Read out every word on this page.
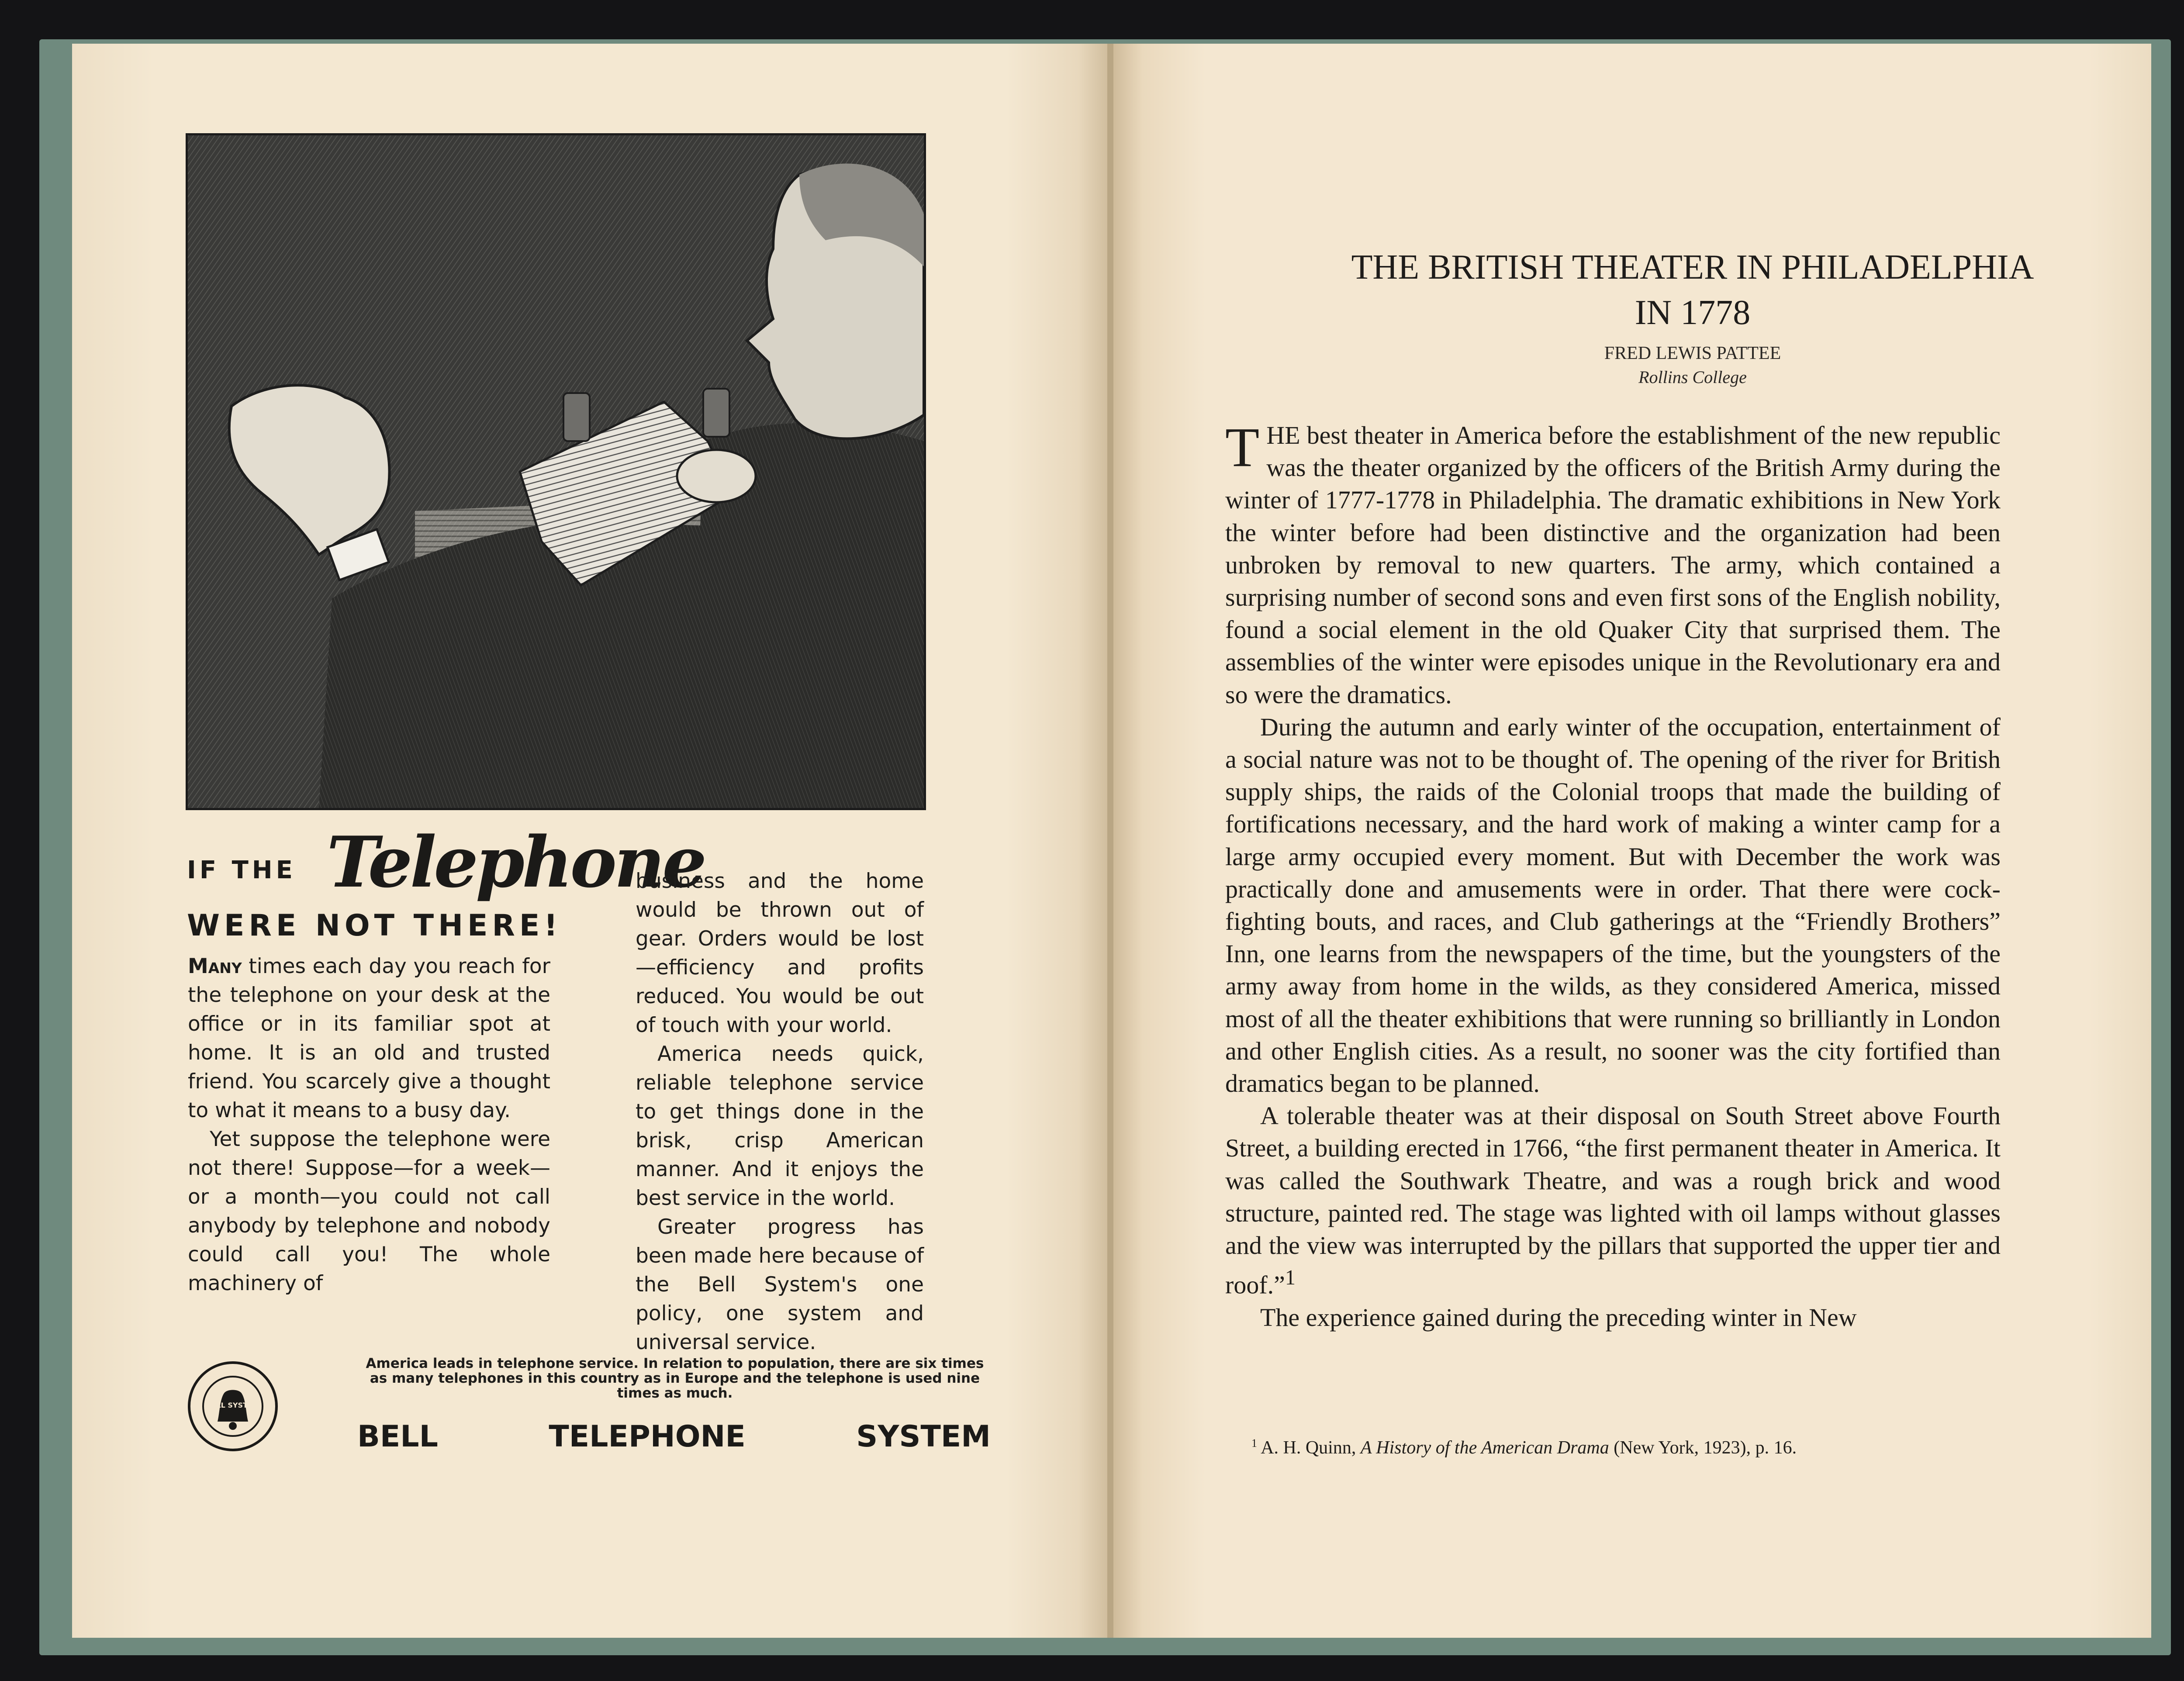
IF THE Telephone
WERE NOT THERE!

Many times each day you reach for the telephone on your desk at the office or in its familiar spot at home. It is an old and trusted friend. You scarcely give a thought to what it means to a busy day.

Yet suppose the telephone were not there! Suppose—for a week—or a month—you could not call anybody by telephone and nobody could call you! The whole machinery of

business and the home would be thrown out of gear. Orders would be lost—efficiency and profits reduced. You would be out of touch with your world.

America needs quick, reliable telephone service to get things done in the brisk, crisp American manner. And it enjoys the best service in the world.

Greater progress has been made here because of the Bell System's one policy, one system and universal service.

BELL SYSTEM
America leads in telephone service. In relation to population, there are six times as many telephones in this country as in Europe and the telephone is used nine times as much.
BELL	TELEPHONE	SYSTEM
THE BRITISH THEATER IN PHILADELPHIA
IN 1778
FRED LEWIS PATTEE
Rollins College

THE best theater in America before the establishment of the new republic was the theater organized by the officers of the British Army during the winter of 1777-1778 in Philadelphia. The dramatic exhibitions in New York the winter before had been distinctive and the organization had been unbroken by removal to new quarters. The army, which contained a surprising number of second sons and even first sons of the English nobility, found a social element in the old Quaker City that surprised them. The assemblies of the winter were episodes unique in the Revolutionary era and so were the dramatics.

During the autumn and early winter of the occupation, entertainment of a social nature was not to be thought of. The opening of the river for British supply ships, the raids of the Colonial troops that made the building of fortifications necessary, and the hard work of making a winter camp for a large army occupied every moment. But with December the work was practically done and amusements were in order. That there were cock-fighting bouts, and races, and Club gatherings at the “Friendly Brothers” Inn, one learns from the newspapers of the time, but the youngsters of the army away from home in the wilds, as they considered America, missed most of all the theater exhibitions that were running so brilliantly in London and other English cities. As a result, no sooner was the city fortified than dramatics began to be planned.

A tolerable theater was at their disposal on South Street above Fourth Street, a building erected in 1766, “the first permanent theater in America. It was called the Southwark Theatre, and was a rough brick and wood structure, painted red. The stage was lighted with oil lamps without glasses and the view was interrupted by the pillars that supported the upper tier and roof.”$^1$

The experience gained during the preceding winter in New

$^1$ A. H. Quinn, A History of the American Drama (New York, 1923), p. 16.
